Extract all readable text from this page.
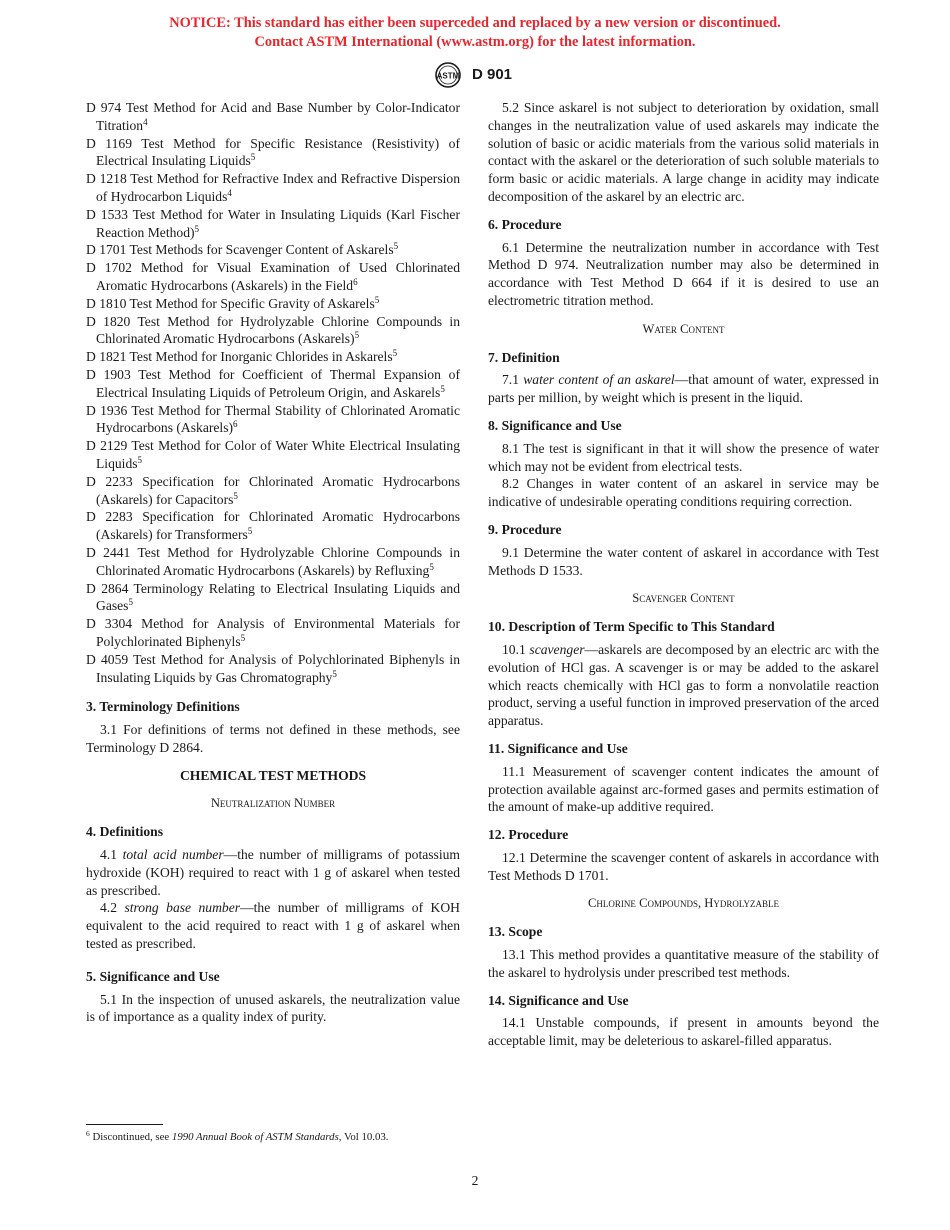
NOTICE: This standard has either been superceded and replaced by a new version or discontinued.
Contact ASTM International (www.astm.org) for the latest information.
ASTM D 901

D 974 Test Method for Acid and Base Number by Color-Indicator Titration$^4$

D 1169 Test Method for Specific Resistance (Resistivity) of Electrical Insulating Liquids$^5$

D 1218 Test Method for Refractive Index and Refractive Dispersion of Hydrocarbon Liquids$^4$

D 1533 Test Method for Water in Insulating Liquids (Karl Fischer Reaction Method)$^5$

D 1701 Test Methods for Scavenger Content of Askarels$^5$

D 1702 Method for Visual Examination of Used Chlorinated Aromatic Hydrocarbons (Askarels) in the Field$^6$

D 1810 Test Method for Specific Gravity of Askarels$^5$

D 1820 Test Method for Hydrolyzable Chlorine Compounds in Chlorinated Aromatic Hydrocarbons (Askarels)$^5$

D 1821 Test Method for Inorganic Chlorides in Askarels$^5$

D 1903 Test Method for Coefficient of Thermal Expansion of Electrical Insulating Liquids of Petroleum Origin, and Askarels$^5$

D 1936 Test Method for Thermal Stability of Chlorinated Aromatic Hydrocarbons (Askarels)$^6$

D 2129 Test Method for Color of Water White Electrical Insulating Liquids$^5$

D 2233 Specification for Chlorinated Aromatic Hydrocarbons (Askarels) for Capacitors$^5$

D 2283 Specification for Chlorinated Aromatic Hydrocarbons (Askarels) for Transformers$^5$

D 2441 Test Method for Hydrolyzable Chlorine Compounds in Chlorinated Aromatic Hydrocarbons (Askarels) by Refluxing$^5$

D 2864 Terminology Relating to Electrical Insulating Liquids and Gases$^5$

D 3304 Method for Analysis of Environmental Materials for Polychlorinated Biphenyls$^5$

D 4059 Test Method for Analysis of Polychlorinated Biphenyls in Insulating Liquids by Gas Chromatography$^5$

3. Terminology Definitions

3.1 For definitions of terms not defined in these methods, see Terminology D 2864.

CHEMICAL TEST METHODS

Neutralization Number

4. Definitions

4.1 total acid number—the number of milligrams of potassium hydroxide (KOH) required to react with 1 g of askarel when tested as prescribed.

4.2 strong base number—the number of milligrams of KOH equivalent to the acid required to react with 1 g of askarel when tested as prescribed.

5. Significance and Use

5.1 In the inspection of unused askarels, the neutralization value is of importance as a quality index of purity.

5.2 Since askarel is not subject to deterioration by oxidation, small changes in the neutralization value of used askarels may indicate the solution of basic or acidic materials from the various solid materials in contact with the askarel or the deterioration of such soluble materials to form basic or acidic materials. A large change in acidity may indicate decomposition of the askarel by an electric arc.

6. Procedure

6.1 Determine the neutralization number in accordance with Test Method D 974. Neutralization number may also be determined in accordance with Test Method D 664 if it is desired to use an electrometric titration method.

Water Content

7. Definition

7.1 water content of an askarel—that amount of water, expressed in parts per million, by weight which is present in the liquid.

8. Significance and Use

8.1 The test is significant in that it will show the presence of water which may not be evident from electrical tests.

8.2 Changes in water content of an askarel in service may be indicative of undesirable operating conditions requiring correction.

9. Procedure

9.1 Determine the water content of askarel in accordance with Test Methods D 1533.

Scavenger Content

10. Description of Term Specific to This Standard

10.1 scavenger—askarels are decomposed by an electric arc with the evolution of HCl gas. A scavenger is or may be added to the askarel which reacts chemically with HCl gas to form a nonvolatile reaction product, serving a useful function in improved preservation of the arced apparatus.

11. Significance and Use

11.1 Measurement of scavenger content indicates the amount of protection available against arc-formed gases and permits estimation of the amount of make-up additive required.

12. Procedure

12.1 Determine the scavenger content of askarels in accordance with Test Methods D 1701.

Chlorine Compounds, Hydrolyzable

13. Scope

13.1 This method provides a quantitative measure of the stability of the askarel to hydrolysis under prescribed test methods.

14. Significance and Use

14.1 Unstable compounds, if present in amounts beyond the acceptable limit, may be deleterious to askarel-filled apparatus.

$^6$ Discontinued, see 1990 Annual Book of ASTM Standards, Vol 10.03.

2
